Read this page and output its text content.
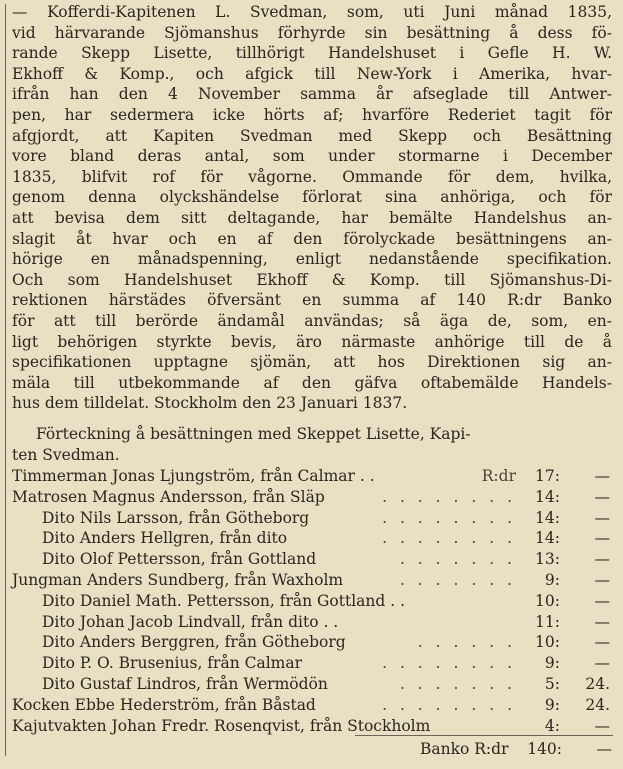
— Kofferdi-Kapitenen L. Svedman, som, uti Juni månad 1835,
vid härvarande Sjömanshus förhyrde sin besättning å dess fö-
rande Skepp Lisette, tillhörigt Handelshuset i Gefle H. W.
Ekhoff & Komp., och afgick till New-York i Amerika, hvar-
ifrån han den 4 November samma år afseglade till Antwer-
pen, har sedermera icke hörts af; hvarföre Rederiet tagit för
afgjordt, att Kapiten Svedman med Skepp och Besättning
vore bland deras antal, som under stormarne i December
1835, blifvit rof för vågorne. Ommande för dem, hvilka,
genom denna olyckshändelse förlorat sina anhöriga, och för
att bevisa dem sitt deltagande, har bemälte Handelshus an-
slagit åt hvar och en af den förolyckade besättningens an-
hörige en månadspenning, enligt nedanstående specifikation.
Och som Handelshuset Ekhoff & Komp. till Sjömanshus-Di-
rektionen härstädes öfversänt en summa af 140 R:dr Banko
för att till berörde ändamål användas; så äga de, som, en-
ligt behörigen styrkte bevis, äro närmaste anhörige till de å
specifikationen upptagne sjömän, att hos Direktionen sig an-
mäla till utbekommande af den gäfva oftabemälde Handels-
hus dem tilldelat. Stockholm den 23 Januari 1837.
Förteckning å besättningen med Skeppet Lisette, Kapi-
ten Svedman.
Timmerman Jonas Ljungström, från Calmar . .	R:dr 17:	—
Matrosen Magnus Andersson, från Släp	. . . . . . . . 14:	—
Dito Nils Larsson, från Götheborg	. . . . . . . . 14:	—
Dito Anders Hellgren, från dito	. . . . . . . . 14:	—
Dito Olof Pettersson, från Gottland	. . . . . . . 13:	—
Jungman Anders Sundberg, från Waxholm	. . . . . . . 9:	—
Dito Daniel Math. Pettersson, från Gottland . .	10:	—
Dito Johan Jacob Lindvall, från dito . .	11:	—
Dito Anders Berggren, från Götheborg	. . . . . . 10:	—
Dito P. O. Brusenius, från Calmar	. . . . . . . . 9:	—
Dito Gustaf Lindros, från Wermödön	. . . . . . . 5:	24.
Kocken Ebbe Hederström, från Båstad	. . . . . . . . 9:	24.
Kajutvakten Johan Fredr. Rosenqvist, från Stockholm	4:	—
Banko R:dr 140: —
